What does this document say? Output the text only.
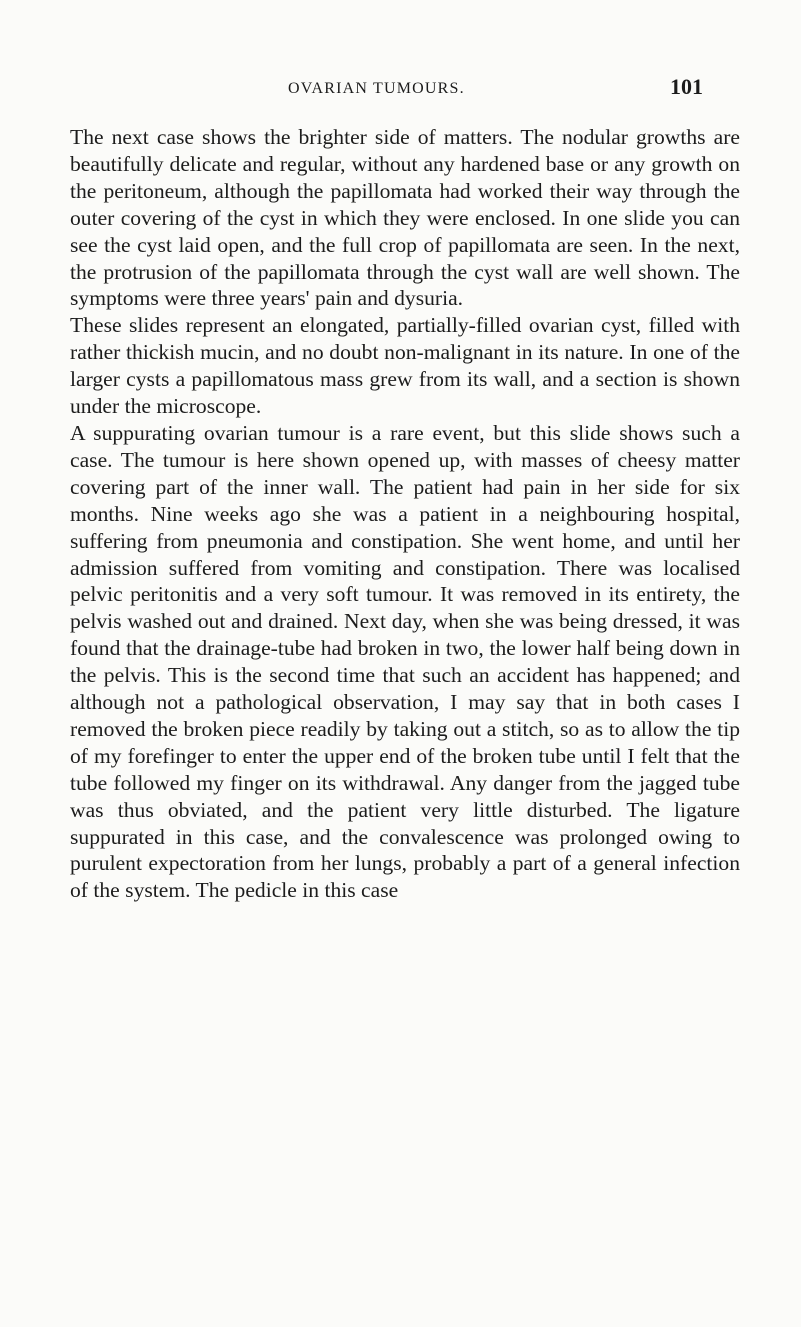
OVARIAN TUMOURS.	101

The next case shows the brighter side of matters. The nodular growths are beautifully delicate and regular, without any hardened base or any growth on the peritoneum, although the papillomata had worked their way through the outer covering of the cyst in which they were enclosed. In one slide you can see the cyst laid open, and the full crop of papillomata are seen. In the next, the protrusion of the papillomata through the cyst wall are well shown. The symptoms were three years' pain and dysuria.

These slides represent an elongated, partially-filled ovarian cyst, filled with rather thickish mucin, and no doubt non-malignant in its nature. In one of the larger cysts a papillomatous mass grew from its wall, and a section is shown under the microscope.

A suppurating ovarian tumour is a rare event, but this slide shows such a case. The tumour is here shown opened up, with masses of cheesy matter covering part of the inner wall. The patient had pain in her side for six months. Nine weeks ago she was a patient in a neighbouring hospital, suffering from pneumonia and constipation. She went home, and until her admission suffered from vomiting and constipation. There was localised pelvic peritonitis and a very soft tumour. It was removed in its entirety, the pelvis washed out and drained. Next day, when she was being dressed, it was found that the drainage-tube had broken in two, the lower half being down in the pelvis. This is the second time that such an accident has happened; and although not a pathological observation, I may say that in both cases I removed the broken piece readily by taking out a stitch, so as to allow the tip of my forefinger to enter the upper end of the broken tube until I felt that the tube followed my finger on its withdrawal. Any danger from the jagged tube was thus obviated, and the patient very little disturbed. The ligature suppurated in this case, and the convalescence was prolonged owing to purulent expectoration from her lungs, probably a part of a general infection of the system. The pedicle in this case
